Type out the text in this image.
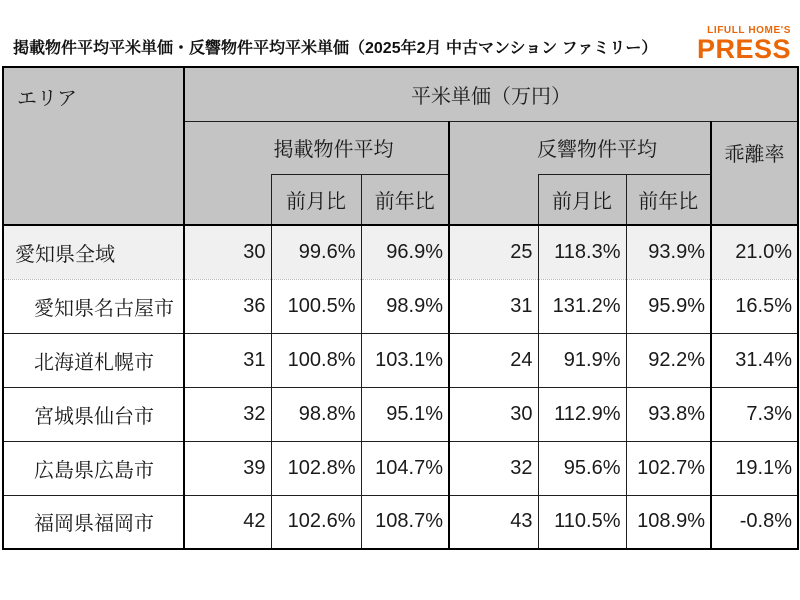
掲載物件平均平米単価・反響物件平均平米単価（2025年2月 中古マンション ファミリー）
LIFULL HOME'S
PRESS
エリア	平米単価（万円）						
	掲載物件平均			反響物件平均			乖離率
		前月比	前年比		前月比	前年比	
愛知県全域	30	99.6%	96.9%	25	118.3%	93.9%	21.0%
愛知県名古屋市	36	100.5%	98.9%	31	131.2%	95.9%	16.5%
北海道札幌市	31	100.8%	103.1%	24	91.9%	92.2%	31.4%
宮城県仙台市	32	98.8%	95.1%	30	112.9%	93.8%	7.3%
広島県広島市	39	102.8%	104.7%	32	95.6%	102.7%	19.1%
福岡県福岡市	42	102.6%	108.7%	43	110.5%	108.9%	-0.8%
